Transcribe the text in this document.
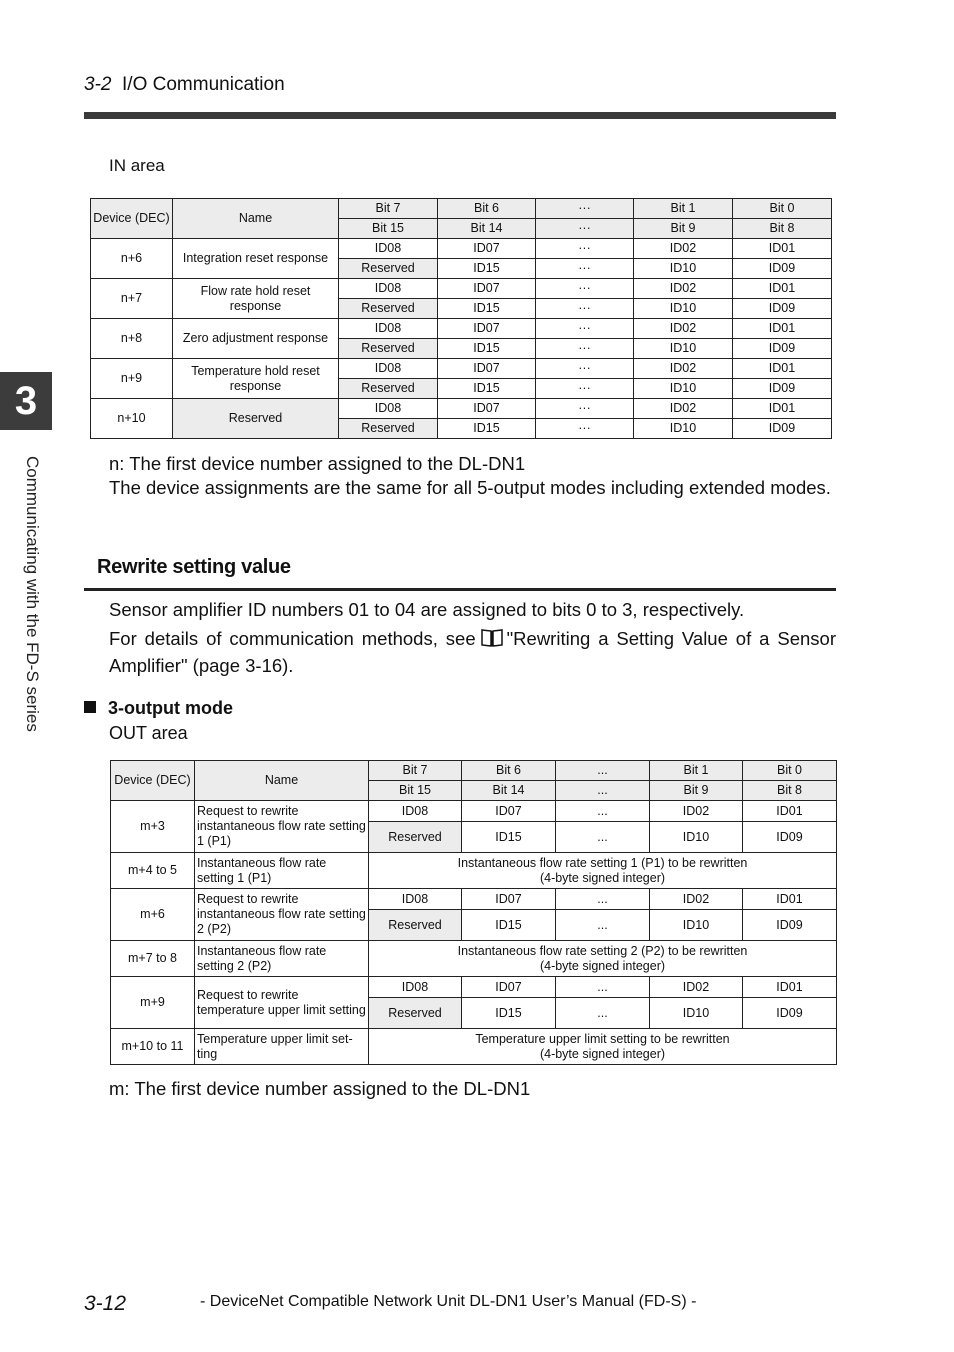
3-2 I/O Communication
3
Communicating with the FD-S series
IN area
Device (DEC)	Name	Bit 7	Bit 6	···	Bit 1	Bit 0
		Bit 15	Bit 14	···	Bit 9	Bit 8
n+6	Integration reset response	ID08	ID07	···	ID02	ID01
		Reserved	ID15	···	ID10	ID09
n+7	Flow rate hold reset response	ID08	ID07	···	ID02	ID01
		Reserved	ID15	···	ID10	ID09
n+8	Zero adjustment response	ID08	ID07	···	ID02	ID01
		Reserved	ID15	···	ID10	ID09
n+9	Temperature hold reset response	ID08	ID07	···	ID02	ID01
		Reserved	ID15	···	ID10	ID09
n+10	Reserved	ID08	ID07	···	ID02	ID01
		Reserved	ID15	···	ID10	ID09
n: The first device number assigned to the DL-DN1
The device assignments are the same for all 5-output modes including extended modes.
Rewrite setting value
Sensor amplifier ID numbers 01 to 04 are assigned to bits 0 to 3, respectively.
For details of communication methods, see "Rewriting a Setting Value of a Sensor Amplifier" (page 3-16).
3-output mode
OUT area
Device (DEC)	Name	Bit 7	Bit 6	...	Bit 1	Bit 0
		Bit 15	Bit 14	...	Bit 9	Bit 8
m+3	Request to rewrite instantaneous flow rate setting 1 (P1)	ID08	ID07	...	ID02	ID01
		Reserved	ID15	...	ID10	ID09
m+4 to 5	Instantaneous flow rate setting 1 (P1)	Instantaneous flow rate setting 1 (P1) to be rewritten
(4-byte signed integer)				

m+6	Request to rewrite instantaneous flow rate setting 2 (P2)	ID08	ID07	...	ID02	ID01
		Reserved	ID15	...	ID10	ID09
m+7 to 8	Instantaneous flow rate setting 2 (P2)	Instantaneous flow rate setting 2 (P2) to be rewritten
(4-byte signed integer)				

m+9	Request to rewrite temperature upper limit setting	ID08	ID07	...	ID02	ID01
		Reserved	ID15	...	ID10	ID09
m+10 to 11	Temperature upper limit set-ting	Temperature upper limit setting to be rewritten
(4-byte signed integer)				
m: The first device number assigned to the DL-DN1
3-12	- DeviceNet Compatible Network Unit DL-DN1 User’s Manual (FD-S) -
